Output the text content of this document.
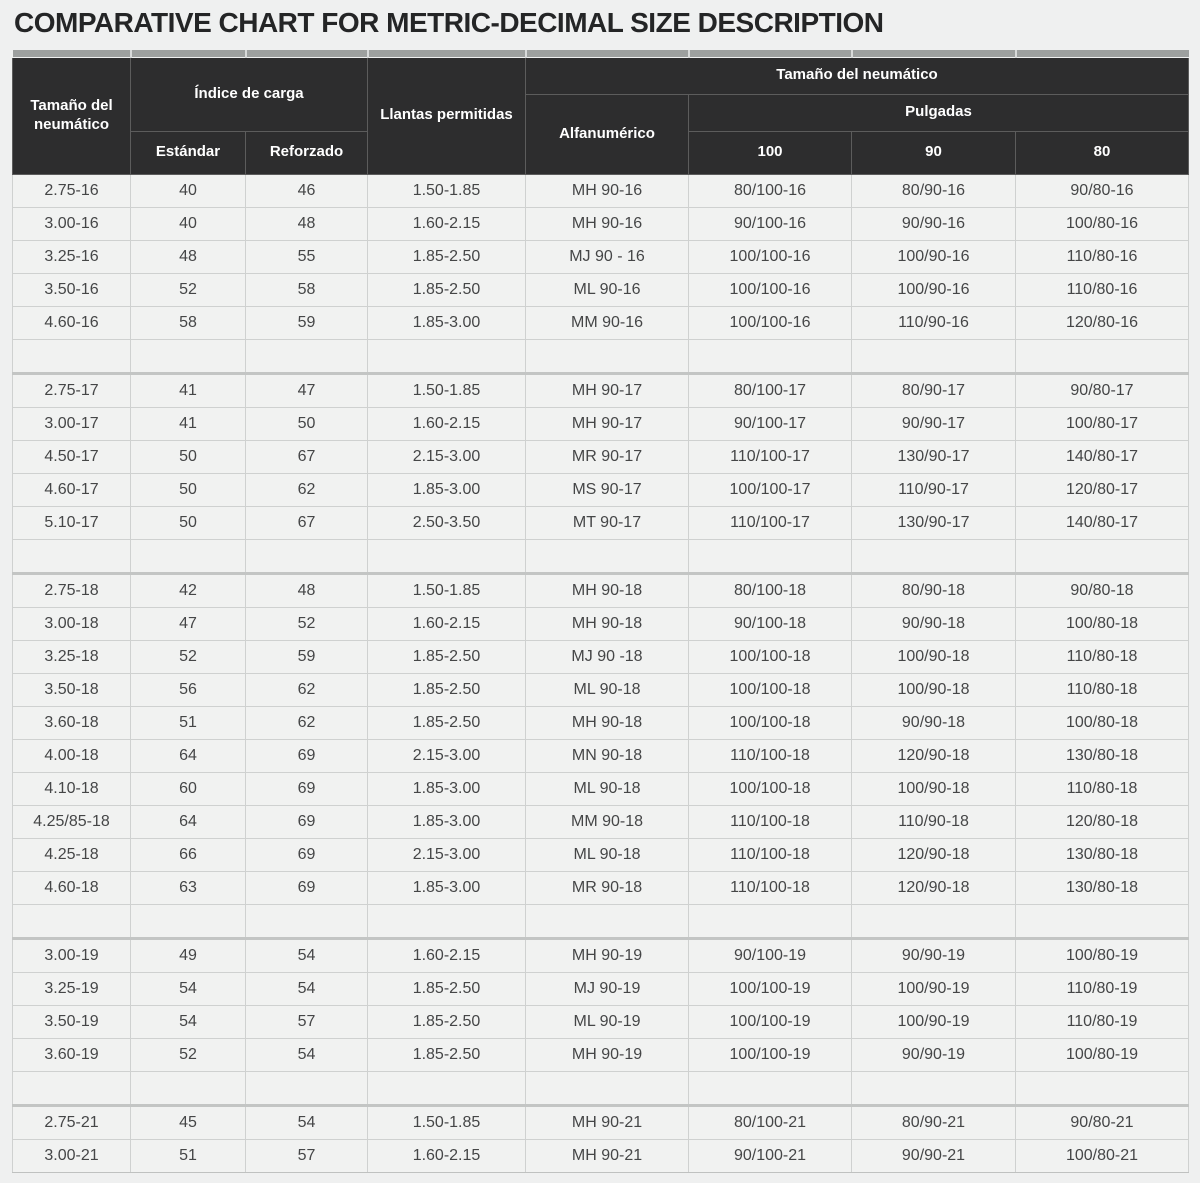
COMPARATIVE CHART FOR METRIC-DECIMAL SIZE DESCRIPTION

Tamaño del neumático	Índice de carga		Llantas permitidas	Tamaño del neumático			
				Alfanumérico	Pulgadas		
	Estándar	Reforzado			100	90	80
2.75-16	40	46	1.50-1.85	MH 90-16	80/100-16	80/90-16	90/80-16
3.00-16	40	48	1.60-2.15	MH 90-16	90/100-16	90/90-16	100/80-16
3.25-16	48	55	1.85-2.50	MJ 90 - 16	100/100-16	100/90-16	110/80-16
3.50-16	52	58	1.85-2.50	ML 90-16	100/100-16	100/90-16	110/80-16
4.60-16	58	59	1.85-3.00	MM 90-16	100/100-16	110/90-16	120/80-16

2.75-17	41	47	1.50-1.85	MH 90-17	80/100-17	80/90-17	90/80-17
3.00-17	41	50	1.60-2.15	MH 90-17	90/100-17	90/90-17	100/80-17
4.50-17	50	67	2.15-3.00	MR 90-17	110/100-17	130/90-17	140/80-17
4.60-17	50	62	1.85-3.00	MS 90-17	100/100-17	110/90-17	120/80-17
5.10-17	50	67	2.50-3.50	MT 90-17	110/100-17	130/90-17	140/80-17

2.75-18	42	48	1.50-1.85	MH 90-18	80/100-18	80/90-18	90/80-18
3.00-18	47	52	1.60-2.15	MH 90-18	90/100-18	90/90-18	100/80-18
3.25-18	52	59	1.85-2.50	MJ 90 -18	100/100-18	100/90-18	110/80-18
3.50-18	56	62	1.85-2.50	ML 90-18	100/100-18	100/90-18	110/80-18
3.60-18	51	62	1.85-2.50	MH 90-18	100/100-18	90/90-18	100/80-18
4.00-18	64	69	2.15-3.00	MN 90-18	110/100-18	120/90-18	130/80-18
4.10-18	60	69	1.85-3.00	ML 90-18	100/100-18	100/90-18	110/80-18
4.25/85-18	64	69	1.85-3.00	MM 90-18	110/100-18	110/90-18	120/80-18
4.25-18	66	69	2.15-3.00	ML 90-18	110/100-18	120/90-18	130/80-18
4.60-18	63	69	1.85-3.00	MR 90-18	110/100-18	120/90-18	130/80-18

3.00-19	49	54	1.60-2.15	MH 90-19	90/100-19	90/90-19	100/80-19
3.25-19	54	54	1.85-2.50	MJ 90-19	100/100-19	100/90-19	110/80-19
3.50-19	54	57	1.85-2.50	ML 90-19	100/100-19	100/90-19	110/80-19
3.60-19	52	54	1.85-2.50	MH 90-19	100/100-19	90/90-19	100/80-19

2.75-21	45	54	1.50-1.85	MH 90-21	80/100-21	80/90-21	90/80-21
3.00-21	51	57	1.60-2.15	MH 90-21	90/100-21	90/90-21	100/80-21
